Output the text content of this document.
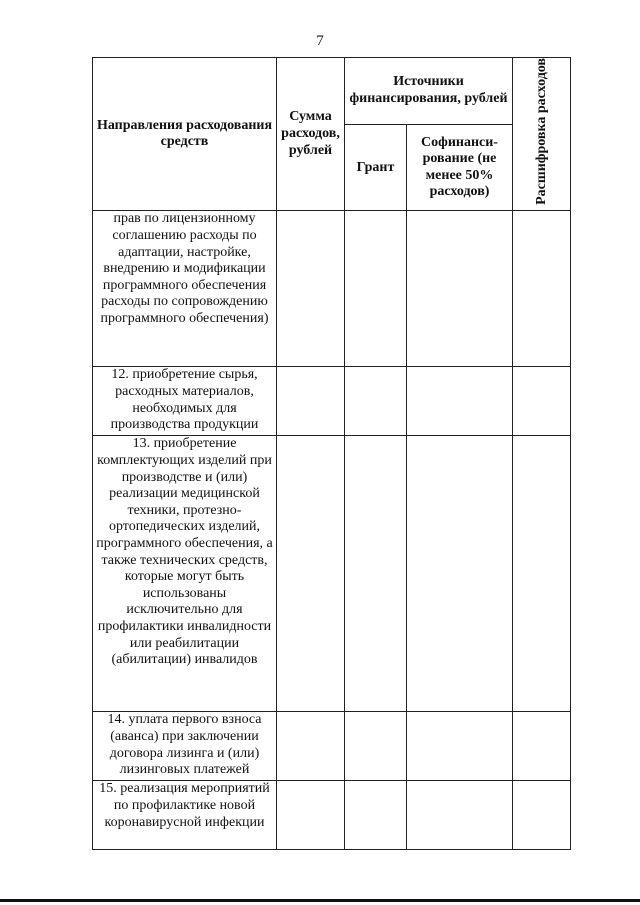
7
Направления расходования средств	Сумма расходов, рублей	Источники финансирования, рублей		Расшифровка расходов
		Грант	Софинанси-рование (не менее 50% расходов)	
прав по лицензионному соглашению расходы по адаптации, настройке, внедрению и модификации программного обеспечения расходы по сопровождению программного обеспечения)				
12. приобретение сырья, расходных материалов, необходимых для производства продукции				
13. приобретение комплектующих изделий при производстве и (или) реализации медицинской техники, протезно-ортопедических изделий, программного обеспечения, а также технических средств, которые могут быть использованы исключительно для профилактики инвалидности или реабилитации (абилитации) инвалидов				
14. уплата первого взноса (аванса) при заключении договора лизинга и (или) лизинговых платежей				
15. реализация мероприятий по профилактике новой коронавирусной инфекции				
